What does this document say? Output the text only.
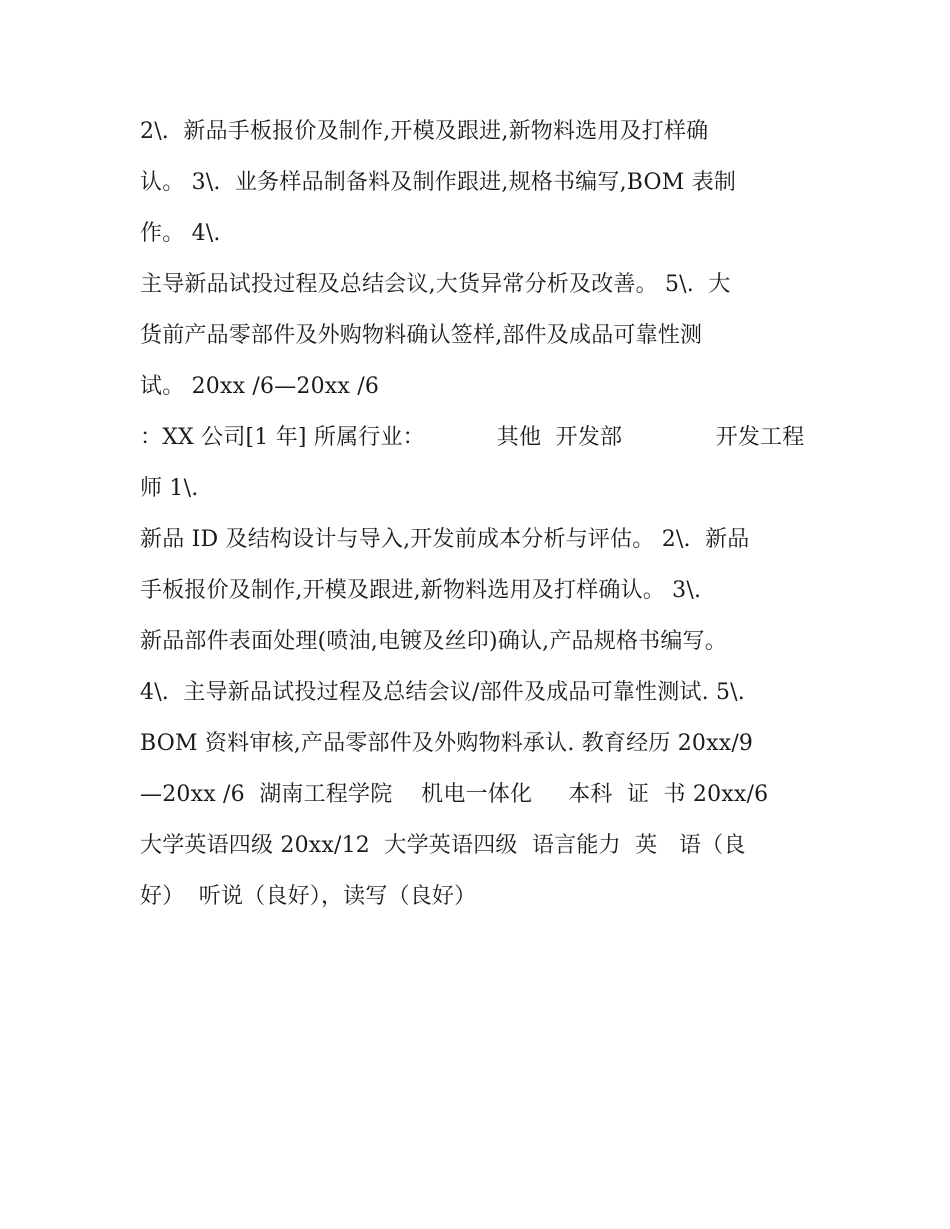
2\.  新品手板报价及制作,开模及跟进,新物料选用及打样确
认。 3\.  业务样品制备料及制作跟进,规格书编写,BOM 表制
作。 4\.
主导新品试投过程及总结会议,大货异常分析及改善。 5\.  大
货前产品零部件及外购物料确认签样,部件及成品可靠性测
试。 20xx /6—20xx /6
：XX 公司[1 年] 所属行业：          其他  开发部             开发工程
师 1\.
新品 ID 及结构设计与导入,开发前成本分析与评估。 2\.  新品
手板报价及制作,开模及跟进,新物料选用及打样确认。 3\.
新品部件表面处理(喷油,电镀及丝印)确认,产品规格书编写。
4\.  主导新品试投过程及总结会议/部件及成品可靠性测试. 5\.
BOM 资料审核,产品零部件及外购物料承认. 教育经历 20xx/9
—20xx /6  湖南工程学院    机电一体化     本科  证  书 20xx/6
大学英语四级 20xx/12  大学英语四级  语言能力  英   语（良
好）  听说（良好），读写（良好）
